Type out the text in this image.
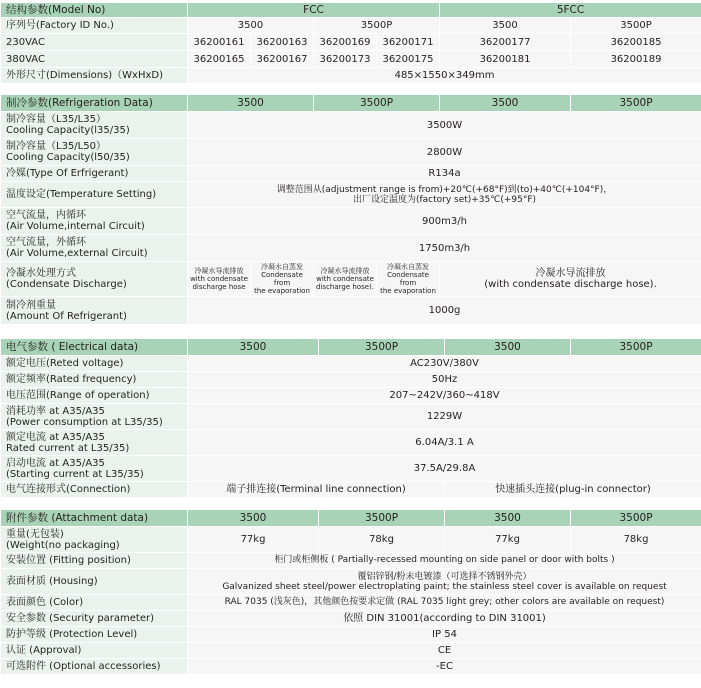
结构参数(Model No)	FCC				5FCC	
序列号(Factory ID No.)	3500		3500P		3500	3500P
230VAC	36200161	36200163	36200169	36200171	36200177	36200185
380VAC	36200165	36200167	36200173	36200175	36200181	36200189
外形尺寸(Dimensions)（WxHxD)	485×1550×349mm					
制冷参数(Refrigeration Data)	3500		3500P		3500	3500P

制冷容量（L35/L35）
Cooling Capacity(l35/35)	3500W					

制冷容量（L35/L50）
Cooling Capacity(l50/35)	2800W					
冷媒(Type Of Erfrigerant)	R134a					
温度设定(Temperature Setting)	调整范围从(adjustment range is from)+20℃(+68°F)到(to)+40℃(+104°F)，
出厂设定温度为(factory set)+35℃(+95°F)					

空气流量，内循环
(Air Volume,internal Circuit)	900m3/h					

空气流量，外循环
(Air Volume,external Circuit)	1750m3/h					

冷凝水处理方式
(Condensate Discharge)	冷凝水导流排放
with condensate
discharge hose	冷凝水自蒸发
Condensate from
the evaporation	冷凝水导流排放
with condensate
discharge hose).	冷凝水自蒸发
Condensate from
the evaporation	冷凝水导流排放
(with condensate discharge hose).	

制冷剂重量
(Amount Of Refrigerant)	1000g					
电气参数 ( Electrical data)	3500	3500P	3500	3500P
额定电压(Reted voltage)	AC230V/380V			
额定频率(Rated frequency)	50Hz			
电压范围(Range of operation)	207~242V/360~418V			

消耗功率 at A35/A35
(Power consumption at L35/35)	1229W			

额定电流 at A35/A35
Rated current at L35/35)	6.04A/3.1 A			

启动电流 at A35/A35
(Starting current at L35/35)	37.5A/29.8A			
电气连接形式(Connection)	端子排连接(Terminal line connection)		快速插头连接(plug-in connector)	
附件参数 (Attachment data)	3500	3500P	3500	3500P

重量(无包装)
(Weight(no packaging)	77kg	78kg	77kg	78kg
安装位置 (Fitting position)	柜门或柜侧板 ( Partially-recessed mounting on side panel or door with bolts )			
表面材质 (Housing)	覆铝锌钢/粉末电镀漆（可选择不锈钢外壳）
Galvanized sheet steel/power electroplating paint; the stainless steel cover is available on request			

表面颜色 (Color)	RAL 7035 (浅灰色)，其他颜色按要求定做 (RAL 7035 light grey; other colors are available on request)			
安全参数 (Security parameter)	依照 DIN 31001(according to DIN 31001)			
防护等级 (Protection Level)	IP 54			
认证 (Approval)	CE			
可选附件 (Optional accessories)	-EC			
